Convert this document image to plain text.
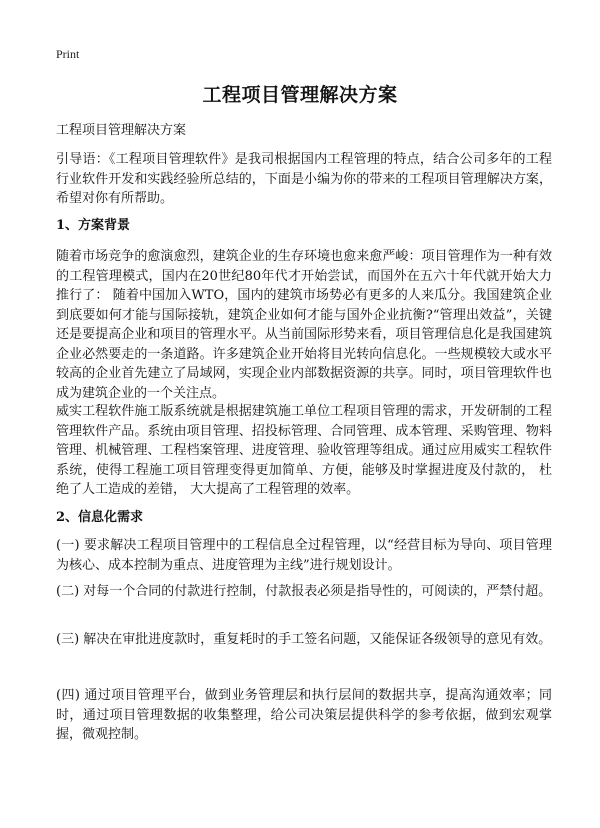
Print
工程项目管理解决方案
工程项目管理解决方案
引导语：《工程项目管理软件》是我司根据国内工程管理的特点，结合公司多年的工程行业软件开发和实践经验所总结的，下面是小编为你的带来的工程项目管理解决方案，希望对你有所帮助。
1、方案背景
随着市场竞争的愈演愈烈，建筑企业的生存环境也愈来愈严峻：项目管理作为一种有效的工程管理模式，国内在20世纪80年代才开始尝试，而国外在五六十年代就开始大力推行了： 随着中国加入WTO，国内的建筑市场势必有更多的人来瓜分。我国建筑企业到底要如何才能与国际接轨，建筑企业如何才能与国外企业抗衡?“管理出效益”，关键还是要提高企业和项目的管理水平。从当前国际形势来看，项目管理信息化是我国建筑企业必然要走的一条道路。许多建筑企业开始将目光转向信息化。一些规模较大或水平较高的企业首先建立了局域网，实现企业内部数据资源的共享。同时，项目管理软件也成为建筑企业的一个关注点。
威实工程软件施工版系统就是根据建筑施工单位工程项目管理的需求，开发研制的工程管理软件产品。系统由项目管理、招投标管理、合同管理、成本管理、采购管理、物料管理、机械管理、工程档案管理、进度管理、验收管理等组成。通过应用威实工程软件系统，使得工程施工项目管理变得更加简单、方便，能够及时掌握进度及付款的， 杜绝了人工造成的差错， 大大提高了工程管理的效率。
2、信息化需求
(一) 要求解决工程项目管理中的工程信息全过程管理，以“经营目标为导向、项目管理为核心、成本控制为重点、进度管理为主线”进行规划设计。
(二) 对每一个合同的付款进行控制，付款报表必须是指导性的，可阅读的，严禁付超。
(三) 解决在审批进度款时，重复耗时的手工签名问题，又能保证各级领导的意见有效。
(四) 通过项目管理平台，做到业务管理层和执行层间的数据共享，提高沟通效率；同时，通过项目管理数据的收集整理，给公司决策层提供科学的参考依据，做到宏观掌握，微观控制。
